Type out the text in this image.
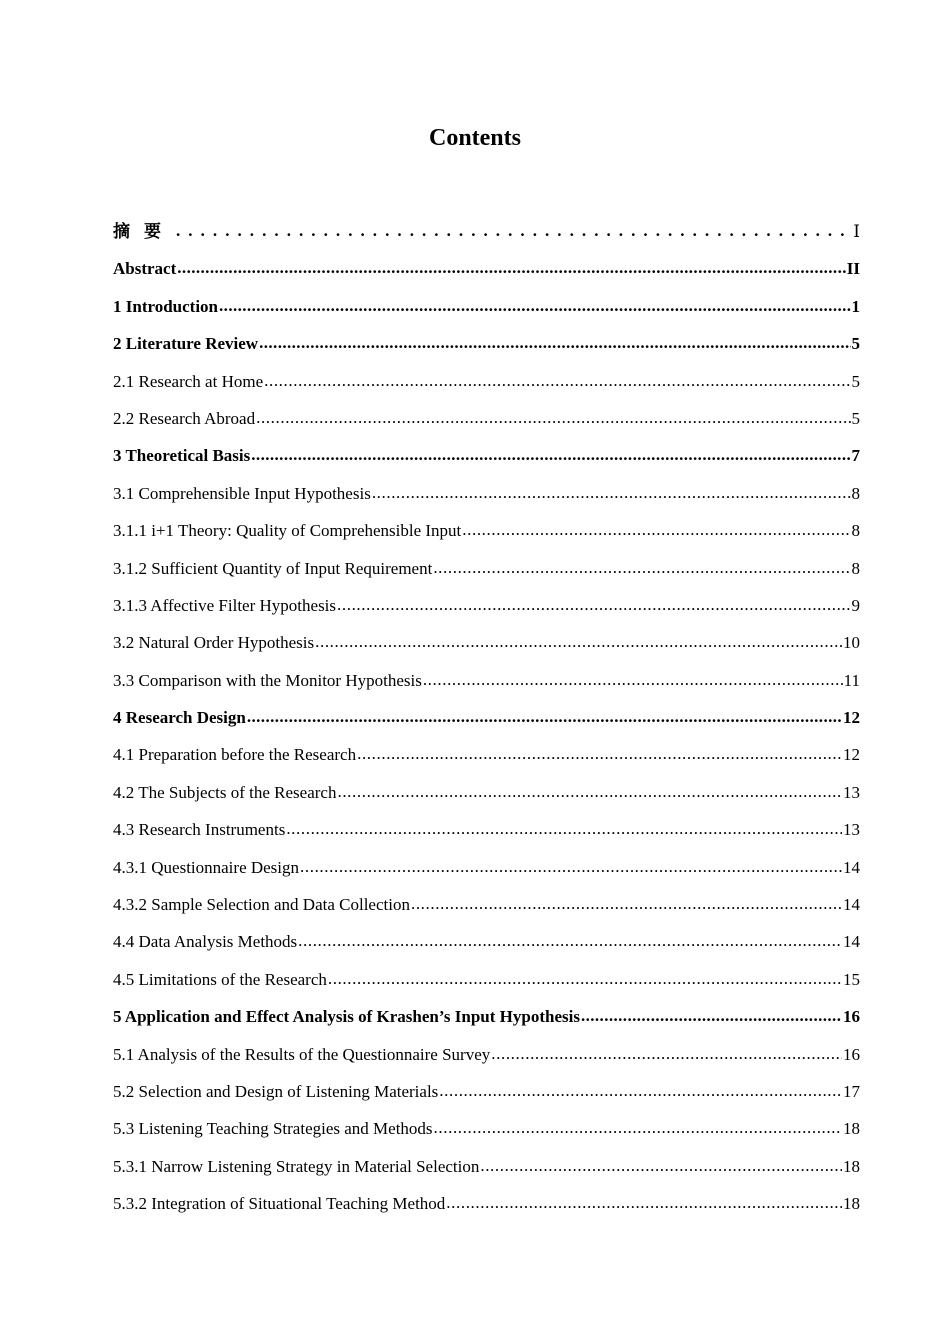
Contents
摘要 . . .	Ⅰ
Abstract .....	II
1 Introduction .....	1
2 Literature Review .....	5
2.1 Research at Home .....	5
2.2 Research Abroad .....	5
3 Theoretical Basis .....	7
3.1 Comprehensible Input Hypothesis .....	8
3.1.1 i+1 Theory: Quality of Comprehensible Input .....	8
3.1.2 Sufficient Quantity of Input Requirement .....	8
3.1.3 Affective Filter Hypothesis .....	9
3.2 Natural Order Hypothesis .....	10
3.3 Comparison with the Monitor Hypothesis .....	11
4 Research Design .....	12
4.1 Preparation before the Research .....	12
4.2 The Subjects of the Research .....	13
4.3 Research Instruments .....	13
4.3.1 Questionnaire Design .....	14
4.3.2 Sample Selection and Data Collection .....	14
4.4 Data Analysis Methods .....	14
4.5 Limitations of the Research .....	15
5 Application and Effect Analysis of Krashen’s Input Hypothesis .....	16
5.1 Analysis of the Results of the Questionnaire Survey .....	16
5.2 Selection and Design of Listening Materials .....	17
5.3 Listening Teaching Strategies and Methods .....	18
5.3.1 Narrow Listening Strategy in Material Selection .....	18
5.3.2 Integration of Situational Teaching Method .....	18
